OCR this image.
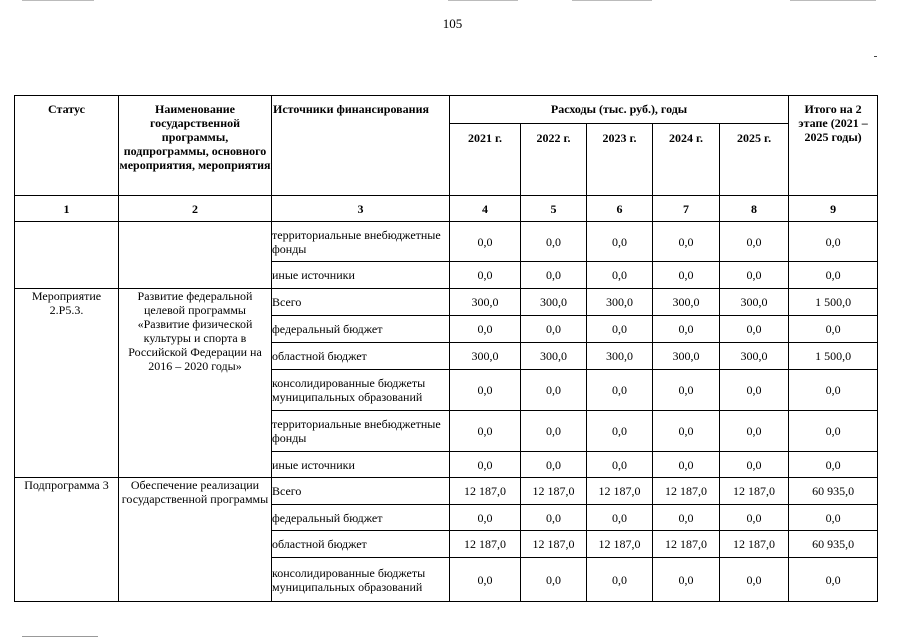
105
Статус	Наименование государственной программы, подпрограммы, основного мероприятия, мероприятия	Источники финансирования	Расходы (тыс. руб.), годы					Итого на 2 этапе (2021 – 2025 годы)
			2021 г.	2022 г.	2023 г.	2024 г.	2025 г.	
1	2	3	4	5	6	7	8	9
		территориальные внебюджетные фонды	0,0	0,0	0,0	0,0	0,0	0,0
		иные источники	0,0	0,0	0,0	0,0	0,0	0,0
Мероприятие 2.Р5.3.	Развитие федеральной целевой программы «Развитие физической культуры и спорта в Российской Федерации на 2016 – 2020 годы»	Всего	300,0	300,0	300,0	300,0	300,0	1 500,0
		федеральный бюджет	0,0	0,0	0,0	0,0	0,0	0,0
		областной бюджет	300,0	300,0	300,0	300,0	300,0	1 500,0
		консолидированные бюджеты муниципальных образований	0,0	0,0	0,0	0,0	0,0	0,0
		территориальные внебюджетные фонды	0,0	0,0	0,0	0,0	0,0	0,0
		иные источники	0,0	0,0	0,0	0,0	0,0	0,0
Подпрограмма 3	Обеспечение реализации государственной программы	Всего	12 187,0	12 187,0	12 187,0	12 187,0	12 187,0	60 935,0
		федеральный бюджет	0,0	0,0	0,0	0,0	0,0	0,0
		областной бюджет	12 187,0	12 187,0	12 187,0	12 187,0	12 187,0	60 935,0
		консолидированные бюджеты муниципальных образований	0,0	0,0	0,0	0,0	0,0	0,0
